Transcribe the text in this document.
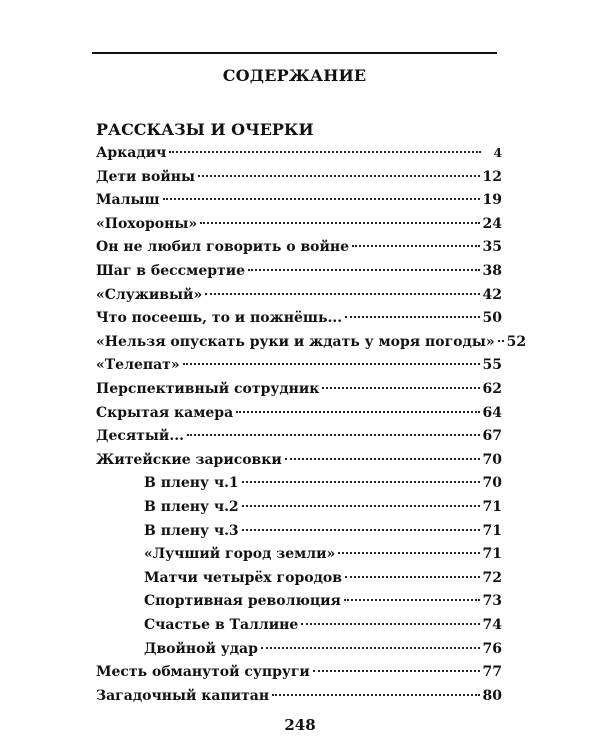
СОДЕРЖАНИЕ
РАССКАЗЫ И ОЧЕРКИ
Аркадич	4
Дети войны	12
Малыш	19
«Похороны»	24
Он не любил говорить о войне	35
Шаг в бессмертие	38
«Служивый»	42
Что посеешь, то и пожнёшь...	50
«Нельзя опускать руки и ждать у моря погоды» 52
«Телепат»	55
Перспективный сотрудник	62
Скрытая камера	64
Десятый...	67
Житейские зарисовки	70
В плену ч.1	70
В плену ч.2	71
В плену ч.3	71
«Лучший город земли»	71
Матчи четырёх городов	72
Спортивная революция	73
Счастье в Таллине	74
Двойной удар	76
Месть обманутой супруги	77
Загадочный капитан	80
248
